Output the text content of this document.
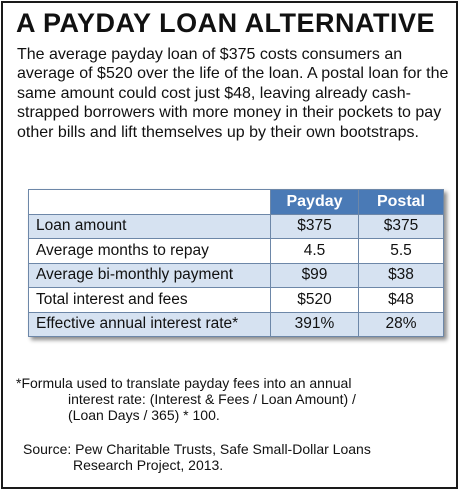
A PAYDAY LOAN ALTERNATIVE
The average payday loan of $375 costs consumers an average of $520 over the life of the loan. A postal loan for the same amount could cost just $48, leaving already cash-strapped borrowers with more money in their pockets to pay other bills and lift themselves up by their own bootstraps.
	Payday	Postal
Loan amount	$375	$375
Average months to repay	4.5	5.5
Average bi-monthly payment	$99	$38
Total interest and fees	$520	$48
Effective annual interest rate*	391%	28%
*Formula used to translate payday fees into an annual
interest rate: (Interest & Fees / Loan Amount) /
(Loan Days / 365) * 100.
Source: Pew Charitable Trusts, Safe Small-Dollar Loans
Research Project, 2013.
